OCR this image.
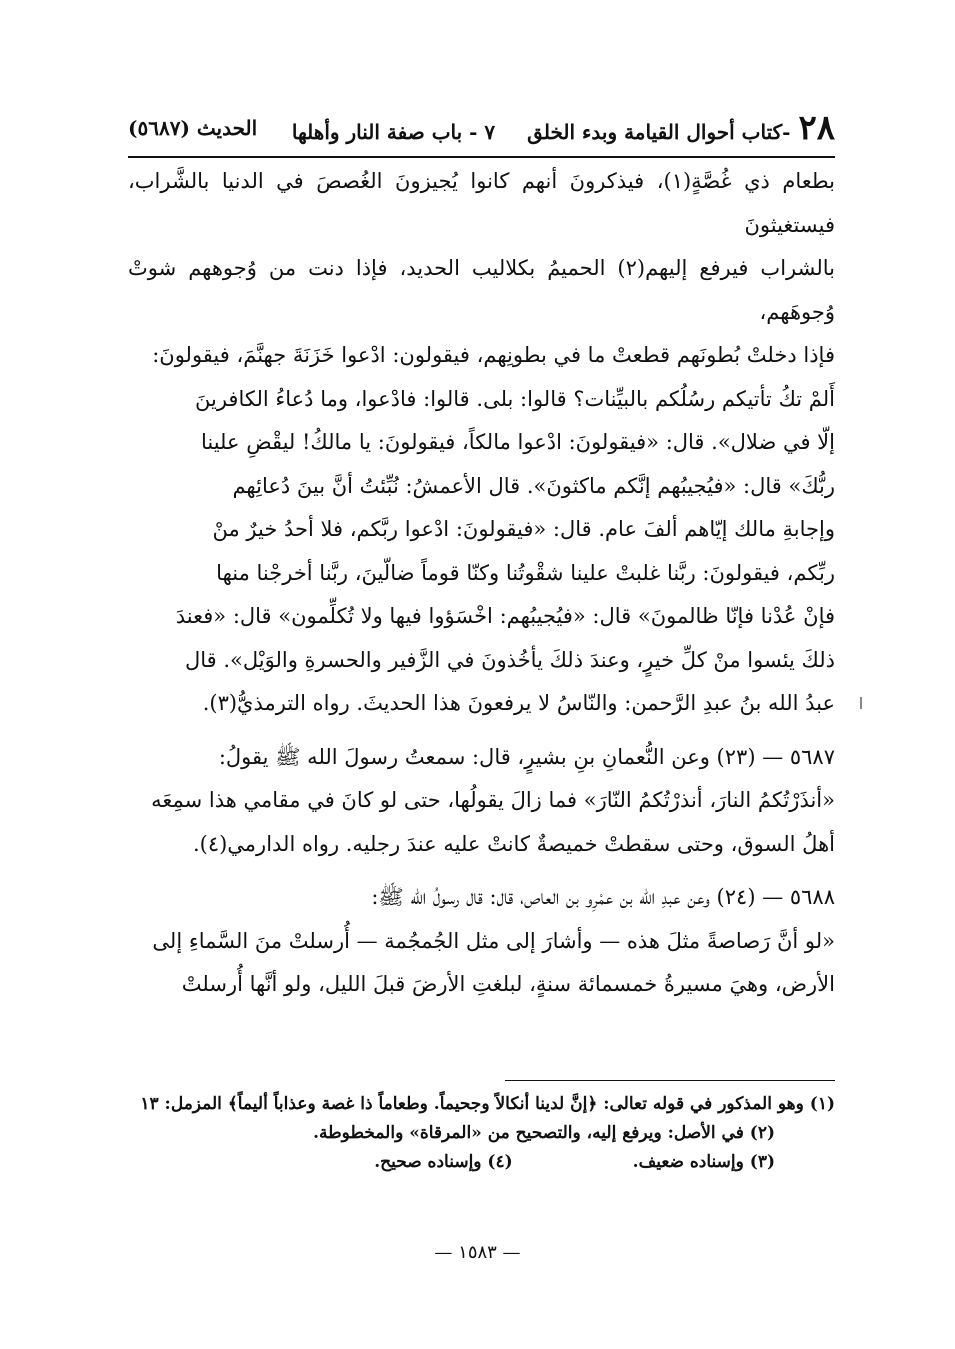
٢٨
-كتاب أحوال القيامة وبدء الخلق
٧ - باب صفة النار وأهلها
الحديث (٥٦٨٧)

بطعام ذي غُصَّةٍ(١)، فيذكرونَ أنهم كانوا يُجيزونَ الغُصصَ في الدنيا بالشَّراب، فيستغيثونَ
بالشراب فيرفع إليهم(٢) الحميمُ بكلاليب الحديد، فإذا دنت من وُجوههم شوتْ وُجوهَهم،
فإذا دخلتْ بُطونَهم قطعتْ ما في بطونِهم، فيقولون: ادْعوا خَزَنَةَ جهنَّمَ، فيقولونَ:
أَلمْ تكُ تأتيكم رسُلُكم بالبيِّنات؟ قالوا: بلى. قالوا: فادْعوا، وما دُعاءُ الكافرينَ
إلّا في ضلال». قال: «فيقولونَ: ادْعوا مالكاً، فيقولونَ: يا مالكُ! ليقْضِ علينا
ربُّكَ» قال: «فيُجيبُهم إنَّكم ماكثونَ». قال الأعمشُ: نُبِّئتُ أنَّ بينَ دُعائِهم
وإجابةِ مالك إيّاهم ألفَ عام. قال: «فيقولونَ: ادْعوا ربَّكم، فلا أحدُ خيرٌ منْ
ربِّكم، فيقولونَ: ربَّنا غلبتْ علينا شقْوتُنا وكنّا قوماً ضالّينَ، ربَّنا أخرجْنا منها
فإنْ عُدْنا فإنّا ظالمونَ» قال: «فيُجيبُهم: اخْسَؤوا فيها ولا تُكلِّمون» قال: «فعندَ
ذلكَ يئسوا منْ كلِّ خيرٍ، وعندَ ذلكَ يأخُذونَ في الزَّفير والحسرةِ والوَيْل». قال
عبدُ الله بنُ عبدِ الرَّحمن: والنّاسُ لا يرفعونَ هذا الحديثَ. رواه الترمذيُّ(٣).

٥٦٨٧ — (٢٣) وعن النُّعمانِ بنِ بشيرٍ، قال: سمعتُ رسولَ الله ﷺ يقولُ:
«أنذَرْتُكمُ النارَ، أنذرْتُكمُ النّارَ» فما زالَ يقولُها، حتى لو كانَ في مقامي هذا سمِعَه
أهلُ السوق، وحتى سقطتْ خميصةٌ كانتْ عليه عندَ رجليه. رواه الدارمي(٤).

٥٦٨٨ — (٢٤) وعن عبدِ الله بن عمْرِو بن العاص، قال: قال رسولُ الله ﷺ:
«لو أنَّ رَصاصةً مثلَ هذه — وأشارَ إلى مثل الجُمجُمة — أُرسلتْ منَ السَّماءِ إلى
الأرض، وهيَ مسيرةُ خمسمائة سنةٍ، لبلغتِ الأرضَ قبلَ الليل، ولو أنَّها أُرسلتْ

(١) وهو المذكور في قوله تعالى: ﴿إنَّ لدينا أنكالاً وجحيماً. وطعاماً ذا غصة وعذاباً أليماً﴾ المزمل: ١٣

(٢) في الأصل: ويرفع إليه، والتصحيح من «المرقاة» والمخطوطة.

(٣) وإسناده ضعيف.
(٤) وإسناده صحيح.
— ١٥٨٣ —
